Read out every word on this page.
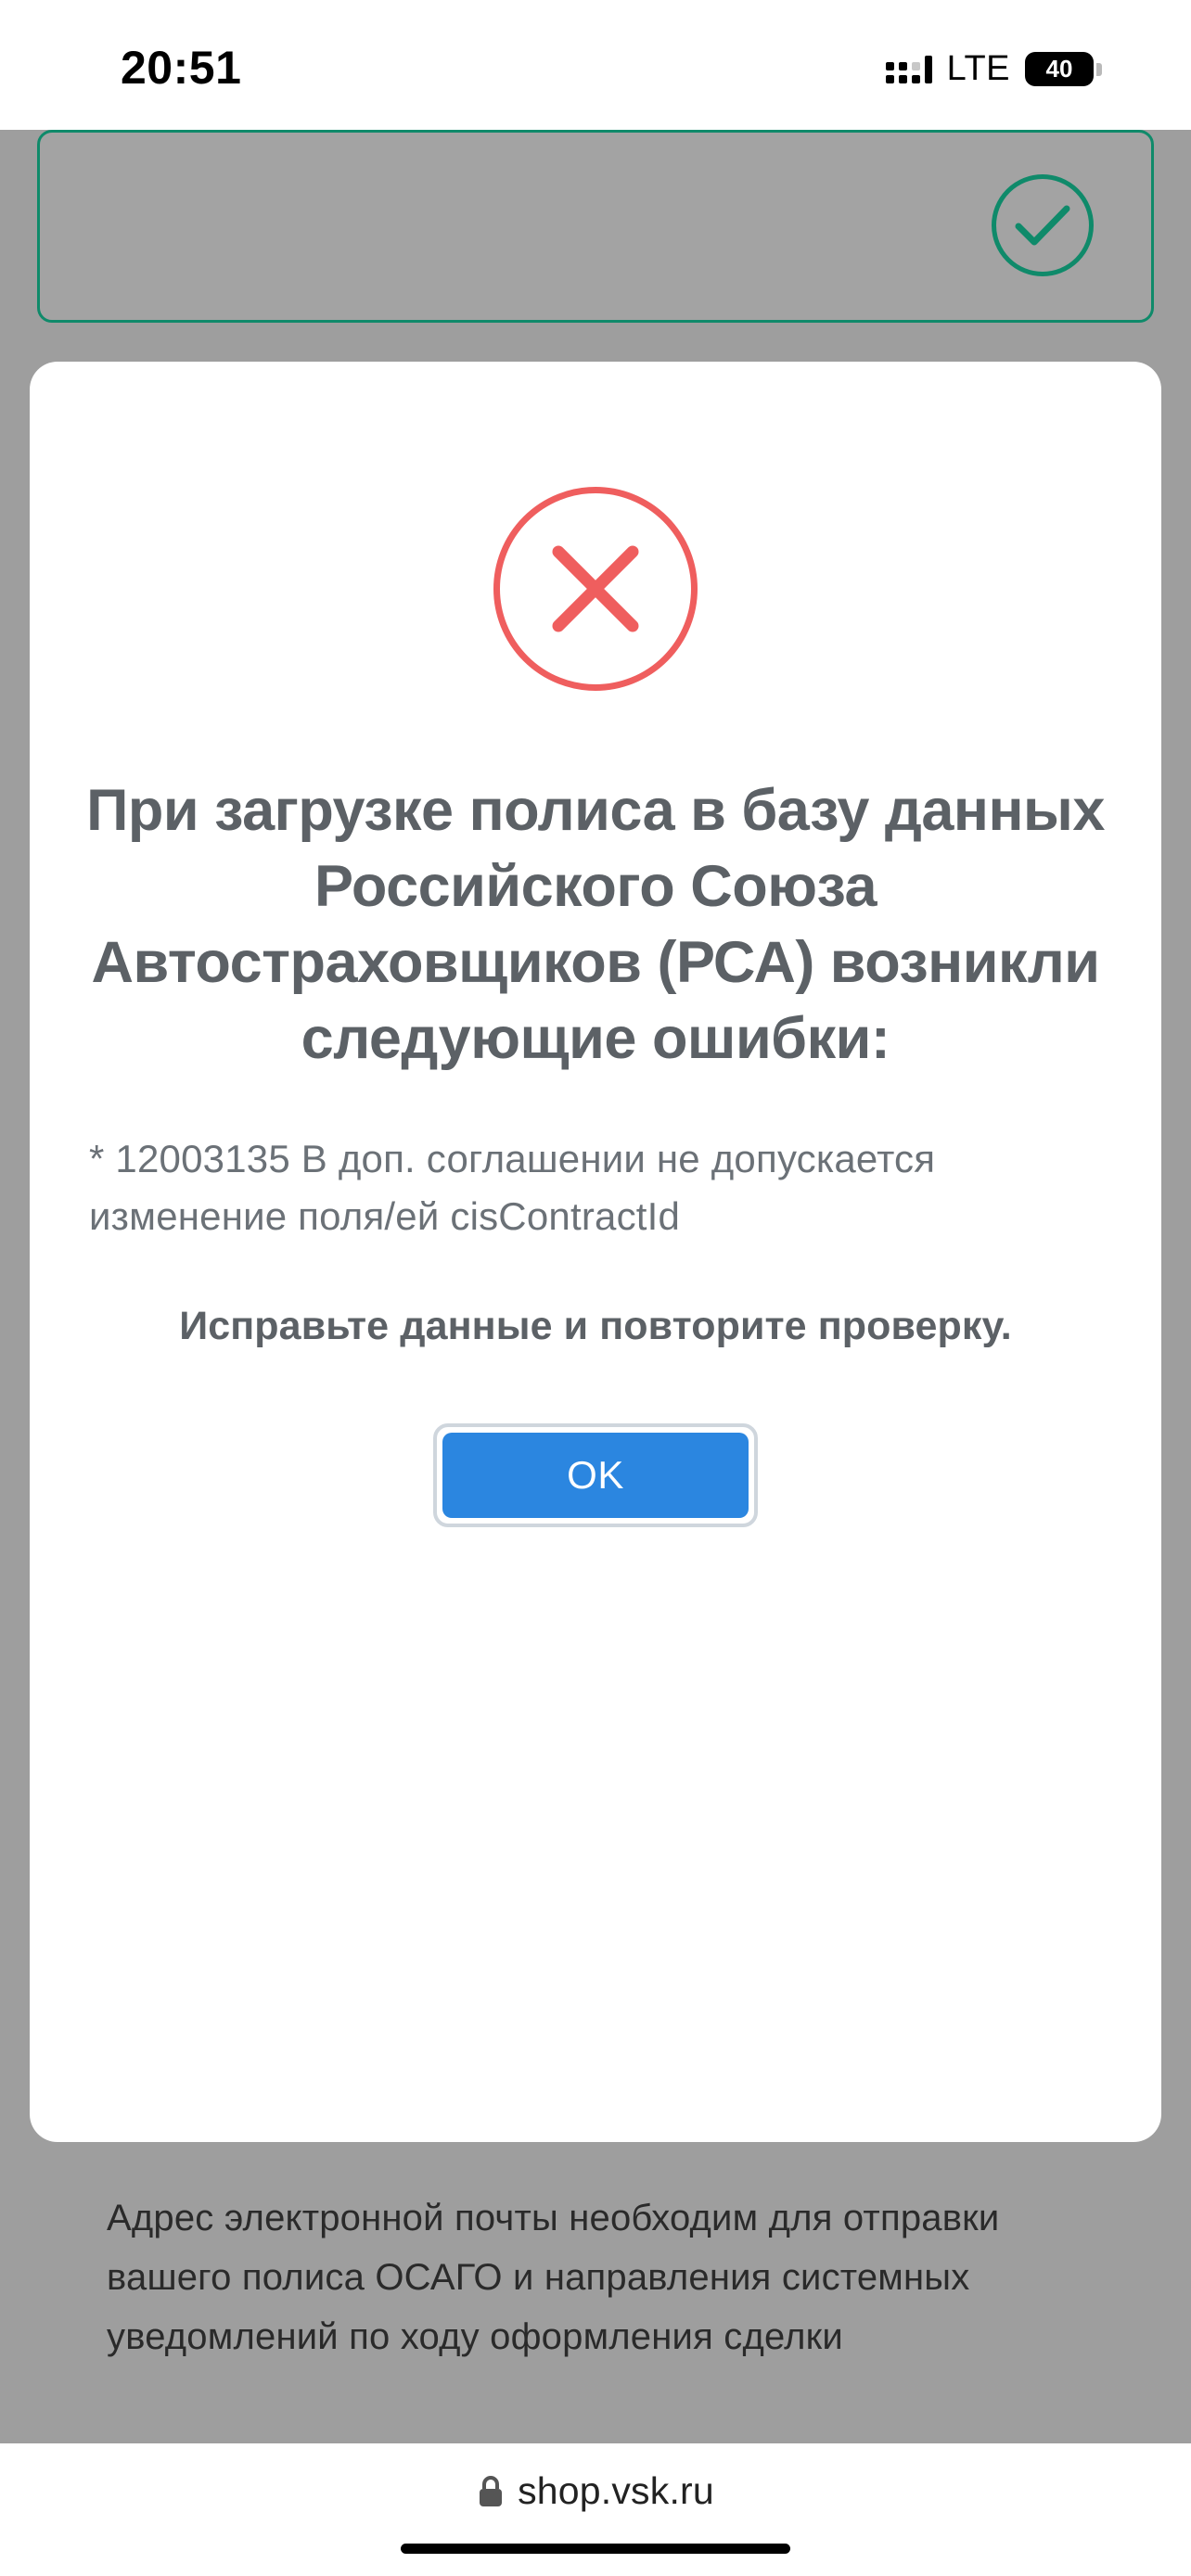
20:51	LTE 40
Адрес электронной почты необходим для отправки вашего полиса ОСАГО и направления системных уведомлений по ходу оформления сделки
При загрузке полиса в базу данных Российского Союза Автостраховщиков (РСА) возникли следующие ошибки:
* 12003135 В доп. соглашении не допускается изменение поля/ей cisContractId
Исправьте данные и повторите проверку.
OK
shop.vsk.ru
